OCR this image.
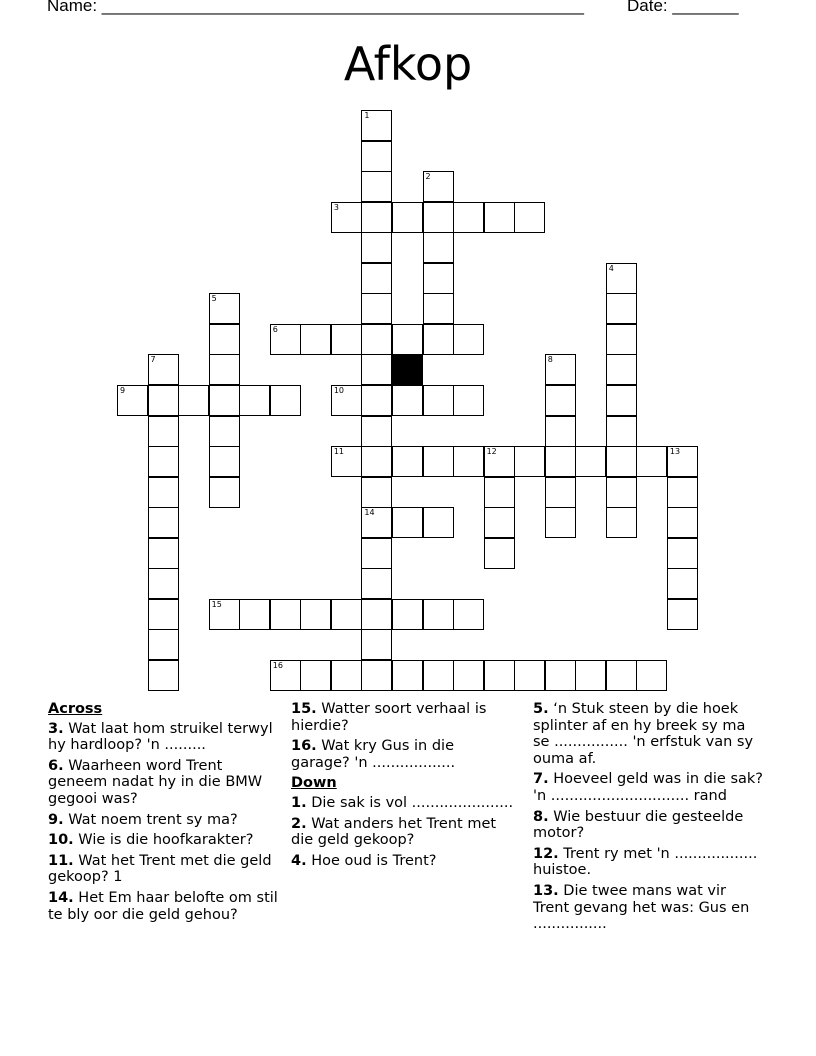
Name: ___________________________________________________	Date: _______
Afkop
1
14
2
3
4
5
6
7	8
9	10
11	12	13
15
16
Across
3. Wat laat hom struikel terwyl hy hardloop? 'n .........
6. Waarheen word Trent geneem nadat hy in die BMW gegooi was?
9. Wat noem trent sy ma?
10. Wie is die hoofkarakter?
11. Wat het Trent met die geld gekoop? 1
14. Het Em haar belofte om stil te bly oor die geld gehou?
15. Watter soort verhaal is hierdie?
16. Wat kry Gus in die garage? 'n ..................
Down
1. Die sak is vol ......................
2. Wat anders het Trent met die geld gekoop?
4. Hoe oud is Trent?
5. ‘n Stuk steen by die hoek splinter af en hy breek sy ma se ................ 'n erfstuk van sy ouma af.
7. Hoeveel geld was in die sak? 'n .............................. rand
8. Wie bestuur die gesteelde motor?
12. Trent ry met 'n .................. huistoe.
13. Die twee mans wat vir Trent gevang het was: Gus en ................
